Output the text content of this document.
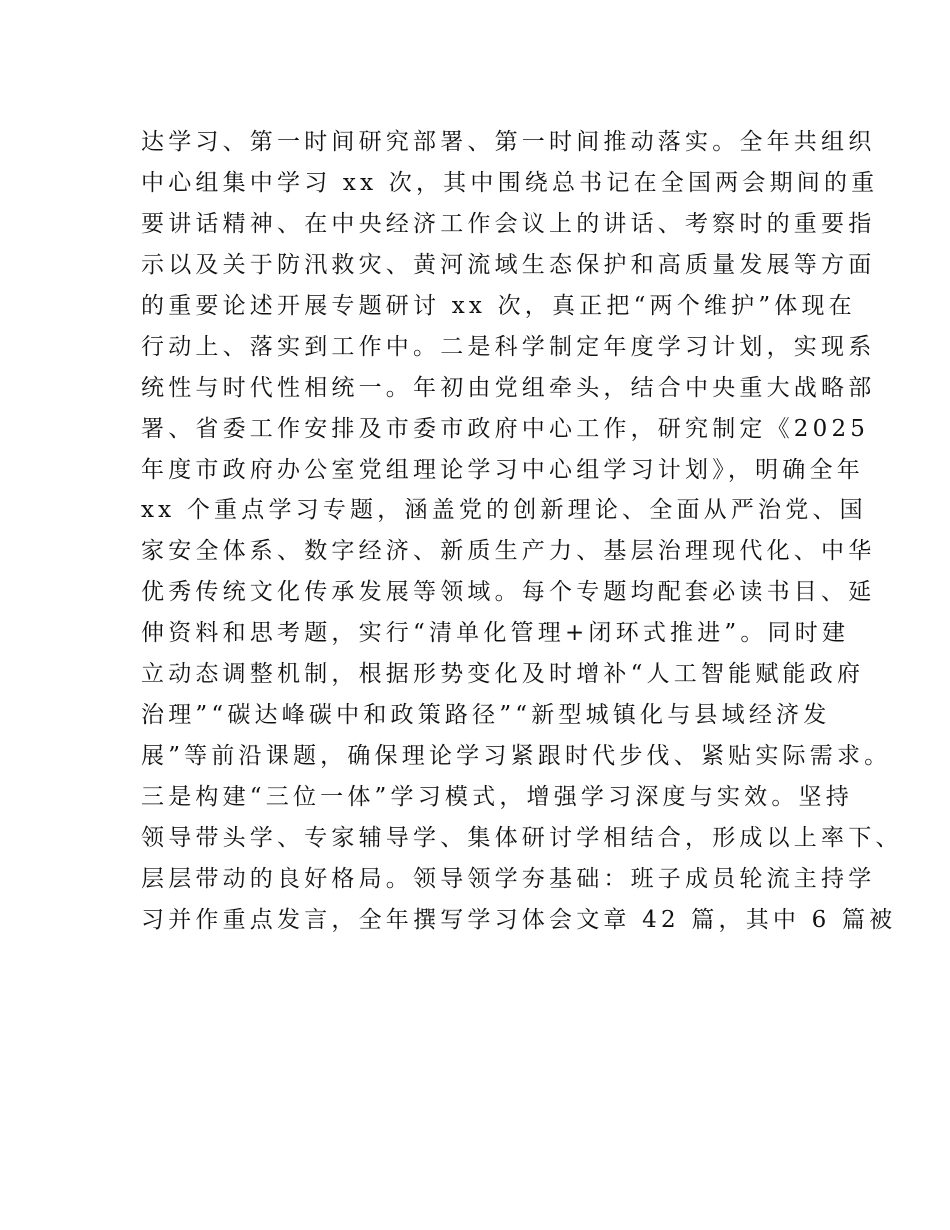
达学习、第一时间研究部署、第一时间推动落实。全年共组织
中心组集中学习 xx 次，其中围绕总书记在全国两会期间的重
要讲话精神、在中央经济工作会议上的讲话、考察时的重要指
示以及关于防汛救灾、黄河流域生态保护和高质量发展等方面
的重要论述开展专题研讨 xx 次，真正把“两个维护”体现在
行动上、落实到工作中。二是科学制定年度学习计划，实现系
统性与时代性相统一。年初由党组牵头，结合中央重大战略部
署、省委工作安排及市委市政府中心工作，研究制定《2025
年度市政府办公室党组理论学习中心组学习计划》，明确全年
xx 个重点学习专题，涵盖党的创新理论、全面从严治党、国
家安全体系、数字经济、新质生产力、基层治理现代化、中华
优秀传统文化传承发展等领域。每个专题均配套必读书目、延
伸资料和思考题，实行“清单化管理+闭环式推进”。同时建
立动态调整机制，根据形势变化及时增补“人工智能赋能政府
治理”“碳达峰碳中和政策路径”“新型城镇化与县域经济发
展”等前沿课题，确保理论学习紧跟时代步伐、紧贴实际需求。
三是构建“三位一体”学习模式，增强学习深度与实效。坚持
领导带头学、专家辅导学、集体研讨学相结合，形成以上率下、
层层带动的良好格局。领导领学夯基础：班子成员轮流主持学
习并作重点发言，全年撰写学习体会文章 42 篇，其中 6 篇被
